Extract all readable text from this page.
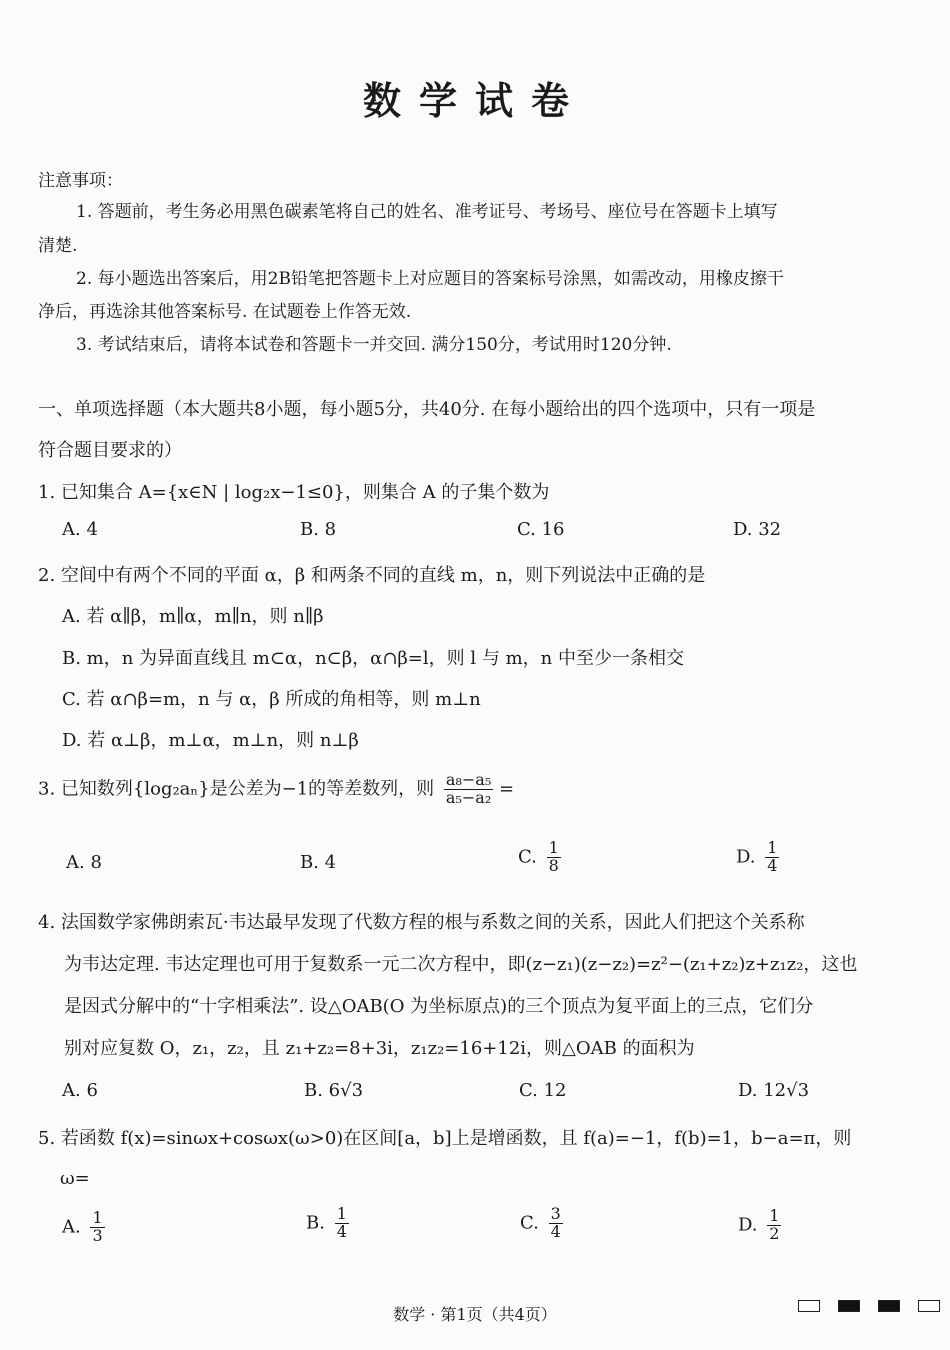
数学试卷
注意事项：
1. 答题前，考生务必用黑色碳素笔将自己的姓名、准考证号、考场号、座位号在答题卡上填写
清楚.
2. 每小题选出答案后，用2B铅笔把答题卡上对应题目的答案标号涂黑，如需改动，用橡皮擦干
净后，再选涂其他答案标号. 在试题卷上作答无效.
3. 考试结束后，请将本试卷和答题卡一并交回. 满分150分，考试用时120分钟.
一、单项选择题（本大题共8小题，每小题5分，共40分. 在每小题给出的四个选项中，只有一项是
符合题目要求的）
1. 已知集合 A={x∈N | log₂x−1≤0}，则集合 A 的子集个数为
A. 4	B. 8	C. 16	D. 32
2. 空间中有两个不同的平面 α，β 和两条不同的直线 m，n，则下列说法中正确的是
A. 若 α∥β，m∥α，m∥n，则 n∥β
B. m，n 为异面直线且 m⊂α，n⊂β，α∩β=l，则 l 与 m，n 中至少一条相交
C. 若 α∩β=m，n 与 α，β 所成的角相等，则 m⊥n
D. 若 α⊥β，m⊥α，m⊥n，则 n⊥β
3. 已知数列{log₂aₙ}是公差为−1的等差数列，则 $\frac{\text{a₈−a₅}}{\text{a₅−a₂}}$ =
A. 8	B. 4	C. $\frac{1}{8}$	D. $\frac{1}{4}$
4. 法国数学家佛朗索瓦·韦达最早发现了代数方程的根与系数之间的关系，因此人们把这个关系称
为韦达定理. 韦达定理也可用于复数系一元二次方程中，即(z−z₁)(z−z₂)=z²−(z₁+z₂)z+z₁z₂，这也
是因式分解中的“十字相乘法”. 设△OAB(O 为坐标原点)的三个顶点为复平面上的三点，它们分
别对应复数 O，z₁，z₂，且 z₁+z₂=8+3i，z₁z₂=16+12i，则△OAB 的面积为
A. 6	B. 6√3	C. 12	D. 12√3
5. 若函数 f(x)=sinωx+cosωx(ω>0)在区间[a，b]上是增函数，且 f(a)=−1，f(b)=1，b−a=π，则
ω=
A. $\frac{1}{3}$	B. $\frac{1}{4}$	C. $\frac{3}{4}$	D. $\frac{1}{2}$
数学 · 第1页（共4页）
